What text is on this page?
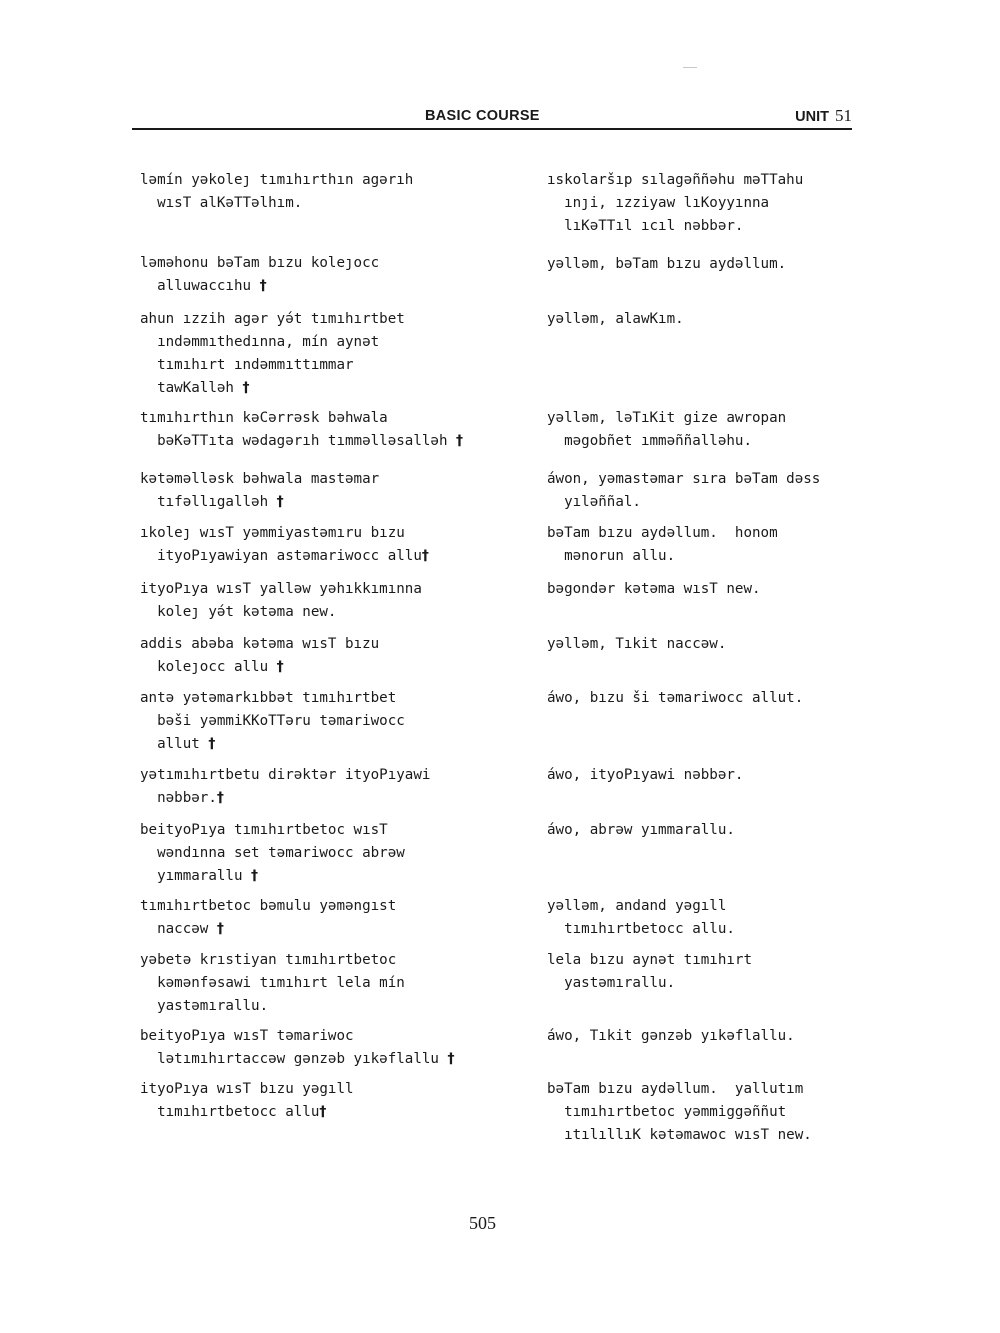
BASIC COURSE	UNIT 51
ləmín yəkoleȷ tımıhırthın agərıh
wısT alKəTTəlhım.
ləməhonu bəTam bızu koleȷocc
alluwaccıhu †
ahun ızzih agər yə́t tımıhırtbet
ındəmmıthedınna, mín aynət
tımıhırt ındəmmıttımmar
tawKalləh †
tımıhırthın kəCərrəsk bəhwala
bəKəTTıta wədagərıh tımməlləsalləh †
kətəməlləsk bəhwala mastəmar
tıfəllıgalləh †
ıkoleȷ wısT yəmmiyastəmıru bızu
ityoPıyawiyan astəmariwocc allu†
ityoPıya wısT yalləw yəhıkkımınna
koleȷ yə́t kətəma new.
addis abəba kətəma wısT bızu
koleȷocc allu †
antə yətəmarkıbbət tımıhırtbet
bəši yəmmiKKoTTəru təmariwocc
allut †
yətımıhırtbetu dirəktər ityoPıyawi
nəbbər.†
beityoPıya tımıhırtbetoc wısT
wəndınna set təmariwocc abrəw
yımmarallu †
tımıhırtbetoc bəmulu yəməngıst
naccəw †
yəbetə krıstiyan tımıhırtbetoc
kəmənfəsawi tımıhırt lela mín
yastəmırallu.
beityoPıya wısT təmariwoc
lətımıhırtaccəw gənzəb yıkəflallu †
ityoPıya wısT bızu yəgıll
tımıhırtbetocc allu†
ıskolaršıp sılagəññəhu məTTahu
ınȷi, ızziyaw lıKoyyınna
lıKəTTıl ıcıl nəbbər.
yəlləm, bəTam bızu aydəllum.
yəlləm, alawKım.
yəlləm, ləTıKit gize awropan
məgobñet ımməññalləhu.
áwon, yəmastəmar sıra bəTam dəss
yıləññal.
bəTam bızu aydəllum.  honom
mənorun allu.
bəgondər kətəma wısT new.
yəlləm, Tıkit naccəw.
áwo, bızu ši təmariwocc allut.
áwo, ityoPıyawi nəbbər.
áwo, abrəw yımmarallu.
yəlləm, andand yəgıll
tımıhırtbetocc allu.
lela bızu aynət tımıhırt
yastəmırallu.
áwo, Tıkit gənzəb yıkəflallu.
bəTam bızu aydəllum.  yallutım
tımıhırtbetoc yəmmiggəññut
ıtılıllıK kətəmawoc wısT new.
505
